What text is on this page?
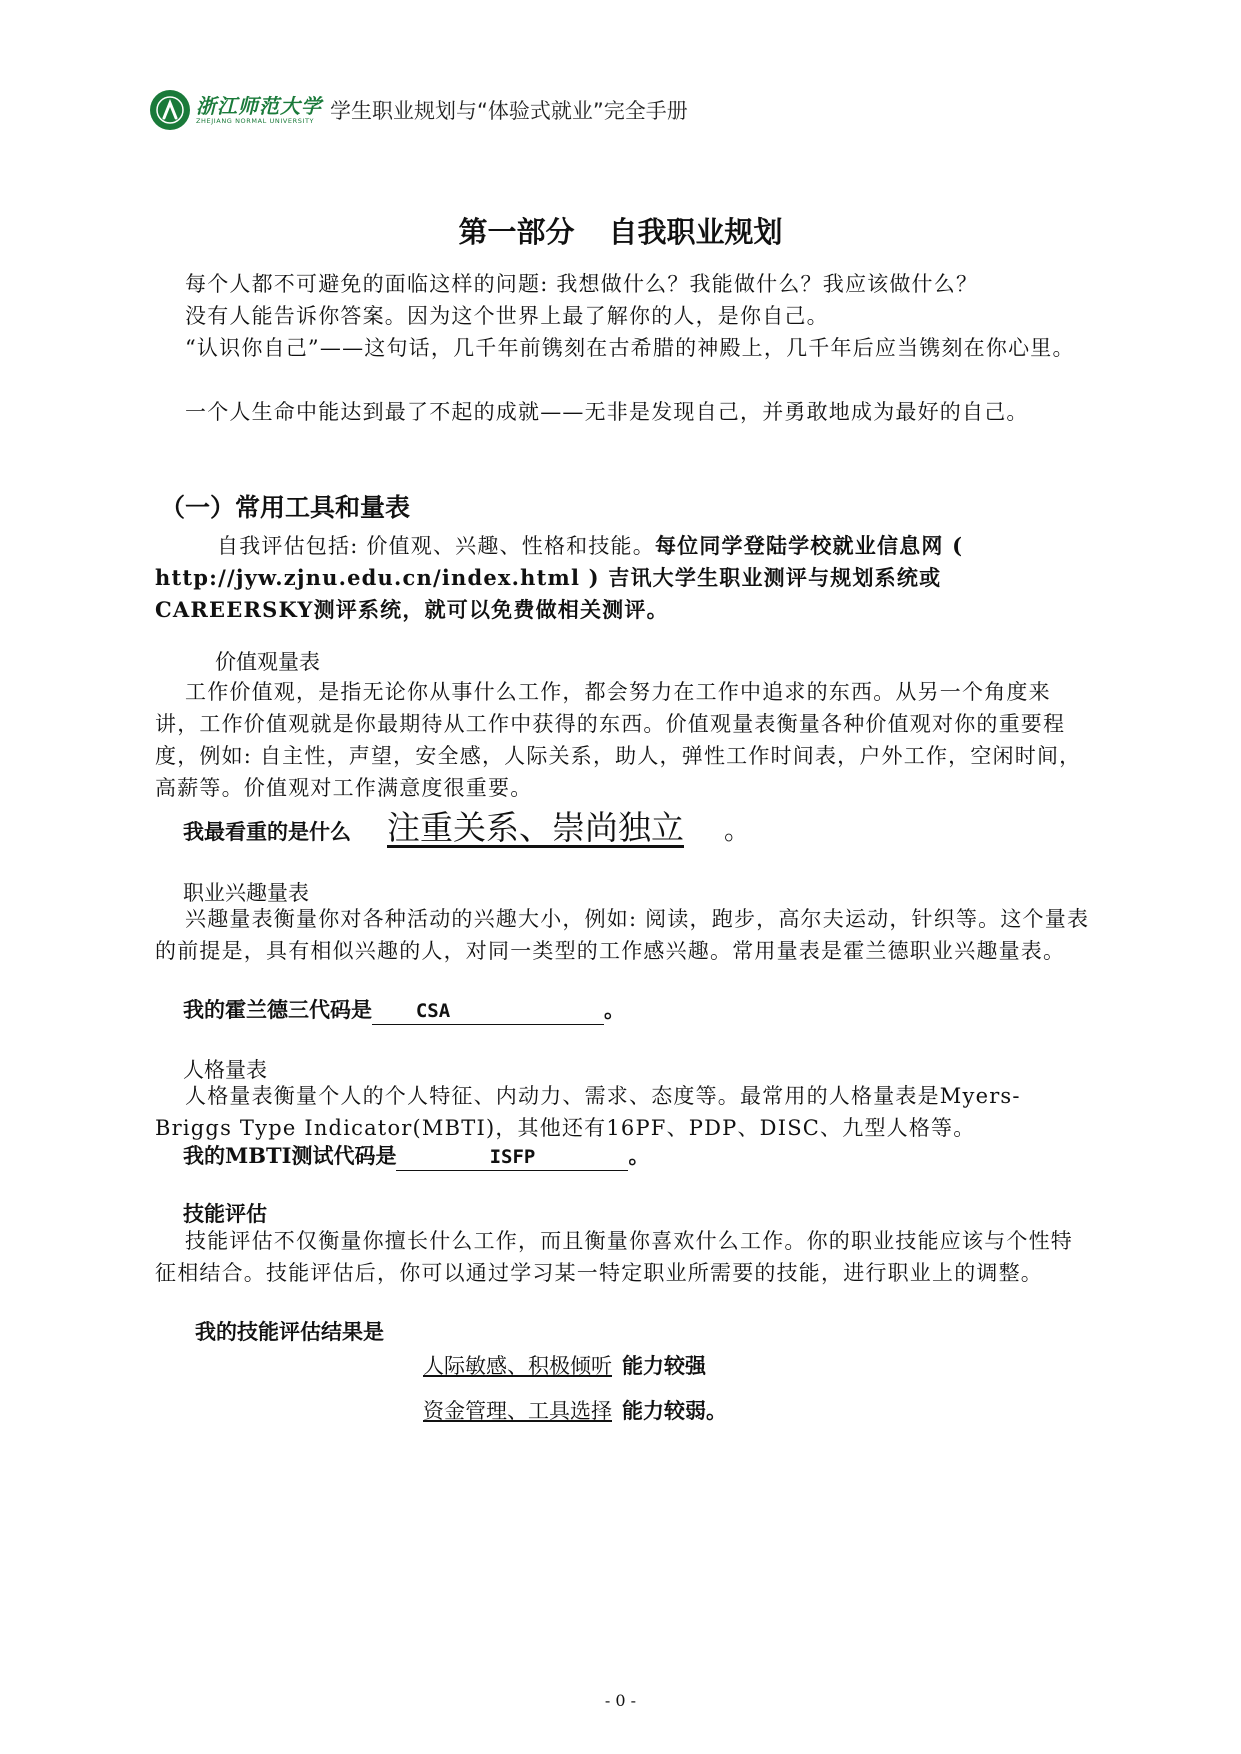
浙江师范大学
ZHEJIANG NORMAL UNIVERSITY 学生职业规划与“体验式就业”完全手册
第一部分 自我职业规划
每个人都不可避免的面临这样的问题: 我想做什么？我能做什么？我应该做什么？
没有人能告诉你答案。因为这个世界上最了解你的人，是你自己。
“认识你自己”——这句话，几千年前镌刻在古希腊的神殿上，几千年后应当镌刻在你心里。
一个人生命中能达到最了不起的成就——无非是发现自己，并勇敢地成为最好的自己。
（一）常用工具和量表
自我评估包括: 价值观、兴趣、性格和技能。每位同学登陆学校就业信息网 ( http://jyw.zjnu.edu.cn/index.html ) 吉讯大学生职业测评与规划系统或CAREERSKY测评系统，就可以免费做相关测评。
价值观量表
工作价值观，是指无论你从事什么工作，都会努力在工作中追求的东西。从另一个角度来讲，工作价值观就是你最期待从工作中获得的东西。价值观量表衡量各种价值观对你的重要程度，例如: 自主性，声望，安全感，人际关系，助人，弹性工作时间表，户外工作，空闲时间，高薪等。价值观对工作满意度很重要。
我最看重的是什么 注重关系、崇尚独立	。
职业兴趣量表
兴趣量表衡量你对各种活动的兴趣大小，例如: 阅读，跑步，高尔夫运动，针织等。这个量表的前提是，具有相似兴趣的人，对同一类型的工作感兴趣。常用量表是霍兰德职业兴趣量表。
我的霍兰德三代码是	CSA	。
人格量表
人格量表衡量个人的个人特征、内动力、需求、态度等。最常用的人格量表是Myers-Briggs Type Indicator(MBTI)，其他还有16PF、PDP、DISC、九型人格等。
我的MBTI测试代码是	ISFP	。
技能评估
技能评估不仅衡量你擅长什么工作，而且衡量你喜欢什么工作。你的职业技能应该与个性特征相结合。技能评估后，你可以通过学习某一特定职业所需要的技能，进行职业上的调整。
我的技能评估结果是
人际敏感、积极倾听 能力较强
资金管理、工具选择 能力较弱。
- 0 -
